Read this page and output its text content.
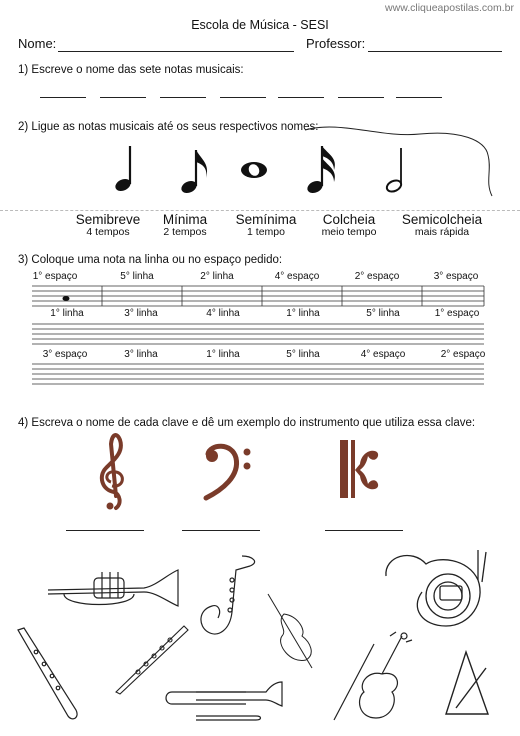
www.cliqueapostilas.com.br
Escola de Música - SESI
Nome:	Professor:
1) Escreve o nome das sete notas musicais:
2) Ligue as notas musicais até os seus respectivos nomes:
Semibreve
4 tempos
Mínima
2 tempos
Semínima
1 tempo
Colcheia
meio tempo
Semicolcheia
mais rápida
3) Coloque uma nota na linha ou no espaço pedido:
1° espaço	5° linha	2° linha	4° espaço	2° espaço	3° espaço
1° linha	3° linha	4° linha	1° linha	5° linha	1° espaço
3° espaço	3° linha	1° linha	5° linha	4° espaço	2° espaço
4) Escreva o nome de cada clave e dê um exemplo do instrumento que utiliza essa clave:
